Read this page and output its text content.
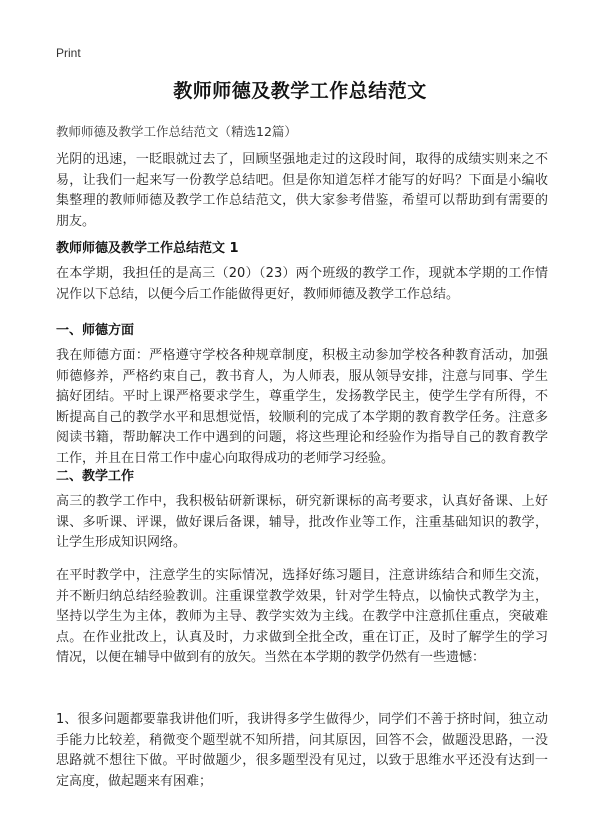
Print
教师师德及教学工作总结范文
教师师德及教学工作总结范文（精选12篇）
光阴的迅速，一眨眼就过去了，回顾坚强地走过的这段时间，取得的成绩实则来之不易，让我们一起来写一份教学总结吧。但是你知道怎样才能写的好吗？下面是小编收集整理的教师师德及教学工作总结范文，供大家参考借鉴，希望可以帮助到有需要的朋友。
教师师德及教学工作总结范文 1
在本学期，我担任的是高三（20）（23）两个班级的教学工作，现就本学期的工作情况作以下总结，以便今后工作能做得更好，教师师德及教学工作总结。
一、师德方面
我在师德方面：严格遵守学校各种规章制度，积极主动参加学校各种教育活动，加强师德修养，严格约束自己，教书育人，为人师表，服从领导安排，注意与同事、学生搞好团结。平时上课严格要求学生，尊重学生，发扬教学民主，使学生学有所得，不断提高自己的教学水平和思想觉悟，较顺利的完成了本学期的教育教学任务。注意多阅读书籍，帮助解决工作中遇到的问题，将这些理论和经验作为指导自己的教育教学工作，并且在日常工作中虚心向取得成功的老师学习经验。
二、教学工作
高三的教学工作中，我积极钻研新课标，研究新课标的高考要求，认真好备课、上好课、多听课、评课，做好课后备课，辅导，批改作业等工作，注重基础知识的教学，让学生形成知识网络。
在平时教学中，注意学生的实际情况，选择好练习题目，注意讲练结合和师生交流，并不断归纳总结经验教训。注重课堂教学效果，针对学生特点，以愉快式教学为主，坚持以学生为主体，教师为主导、教学实效为主线。在教学中注意抓住重点，突破难点。在作业批改上，认真及时，力求做到全批全改，重在订正，及时了解学生的学习情况，以便在辅导中做到有的放矢。当然在本学期的教学仍然有一些遗憾：
1、很多问题都要靠我讲他们听，我讲得多学生做得少，同学们不善于挤时间，独立动手能力比较差，稍微变个题型就不知所措，问其原因，回答不会，做题没思路，一没思路就不想往下做。平时做题少，很多题型没有见过，以致于思维水平还没有达到一定高度，做起题来有困难；
